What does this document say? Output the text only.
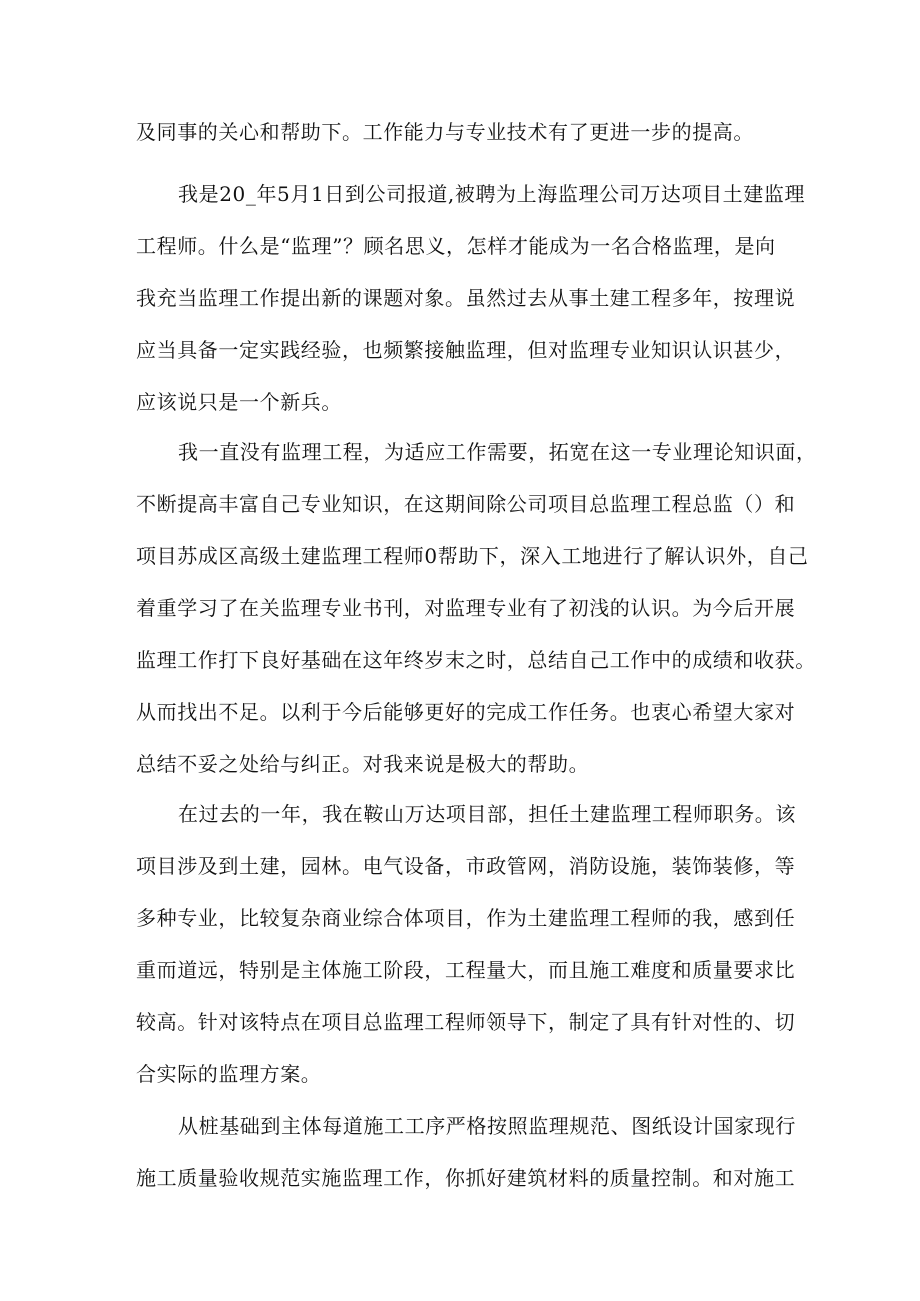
及同事的关心和帮助下。工作能力与专业技术有了更进一步的提高。
我是20_年5月1日到公司报道,被聘为上海监理公司万达项目土建监理
工程师。什么是“监理”？顾名思义，怎样才能成为一名合格监理，是向
我充当监理工作提出新的课题对象。虽然过去从事土建工程多年，按理说
应当具备一定实践经验，也频繁接触监理，但对监理专业知识认识甚少，
应该说只是一个新兵。
我一直没有监理工程，为适应工作需要，拓宽在这一专业理论知识面，
不断提高丰富自己专业知识，在这期间除公司项目总监理工程总监（）和
项目苏成区高级土建监理工程师0帮助下，深入工地进行了解认识外，自己
着重学习了在关监理专业书刊，对监理专业有了初浅的认识。为今后开展
监理工作打下良好基础在这年终岁末之时，总结自己工作中的成绩和收获。
从而找出不足。以利于今后能够更好的完成工作任务。也衷心希望大家对
总结不妥之处给与纠正。对我来说是极大的帮助。
在过去的一年，我在鞍山万达项目部，担任土建监理工程师职务。该
项目涉及到土建，园林。电气设备，市政管网，消防设施，装饰装修，等
多种专业，比较复杂商业综合体项目，作为土建监理工程师的我，感到任
重而道远，特别是主体施工阶段，工程量大，而且施工难度和质量要求比
较高。针对该特点在项目总监理工程师领导下，制定了具有针对性的、切
合实际的监理方案。
从桩基础到主体每道施工工序严格按照监理规范、图纸设计国家现行
施工质量验收规范实施监理工作，你抓好建筑材料的质量控制。和对施工
